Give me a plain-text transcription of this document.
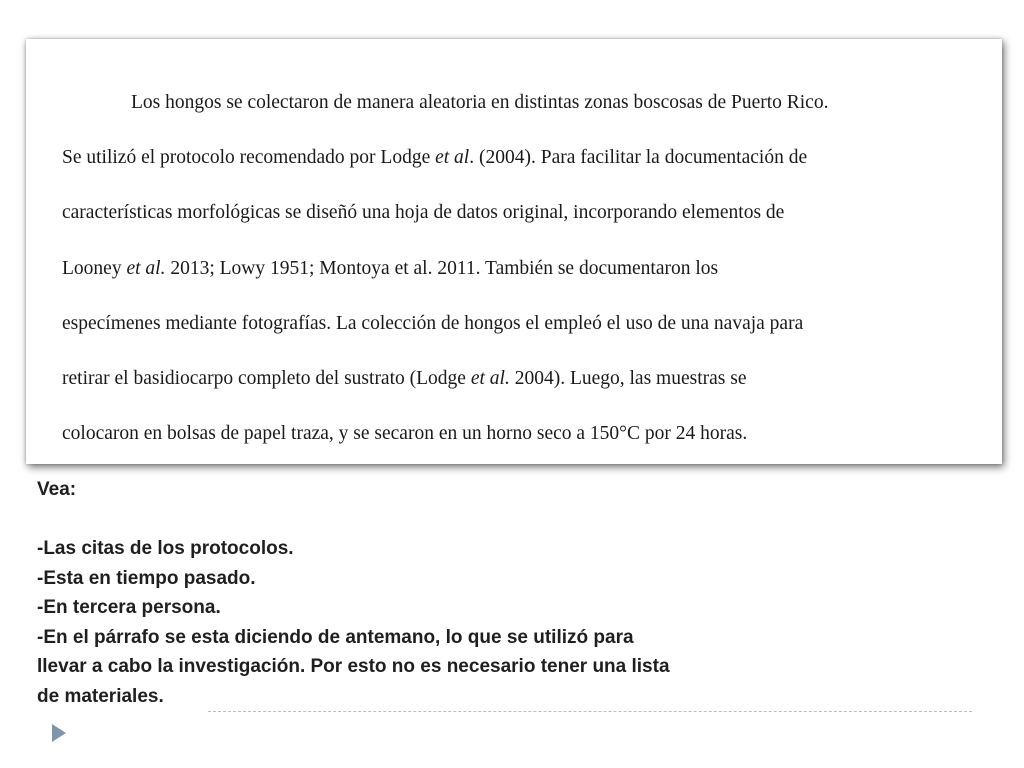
Los hongos se colectaron de manera aleatoria en distintas zonas boscosas de Puerto Rico.
Se utilizó el protocolo recomendado por Lodge et al. (2004). Para facilitar la documentación de
características morfológicas se diseñó una hoja de datos original, incorporando elementos de
Looney et al. 2013; Lowy 1951; Montoya et al. 2011. También se documentaron los
especímenes mediante fotografías. La colección de hongos el empleó el uso de una navaja para
retirar el basidiocarpo completo del sustrato (Lodge et al. 2004). Luego, las muestras se
colocaron en bolsas de papel traza, y se secaron en un horno seco a 150°C por 24 horas.

Vea:
-Las citas de los protocolos.
-Esta en tiempo pasado.
-En tercera persona.
-En el párrafo se esta diciendo de antemano, lo que se utilizó para
llevar a cabo la investigación. Por esto no es necesario tener una lista
de materiales.
